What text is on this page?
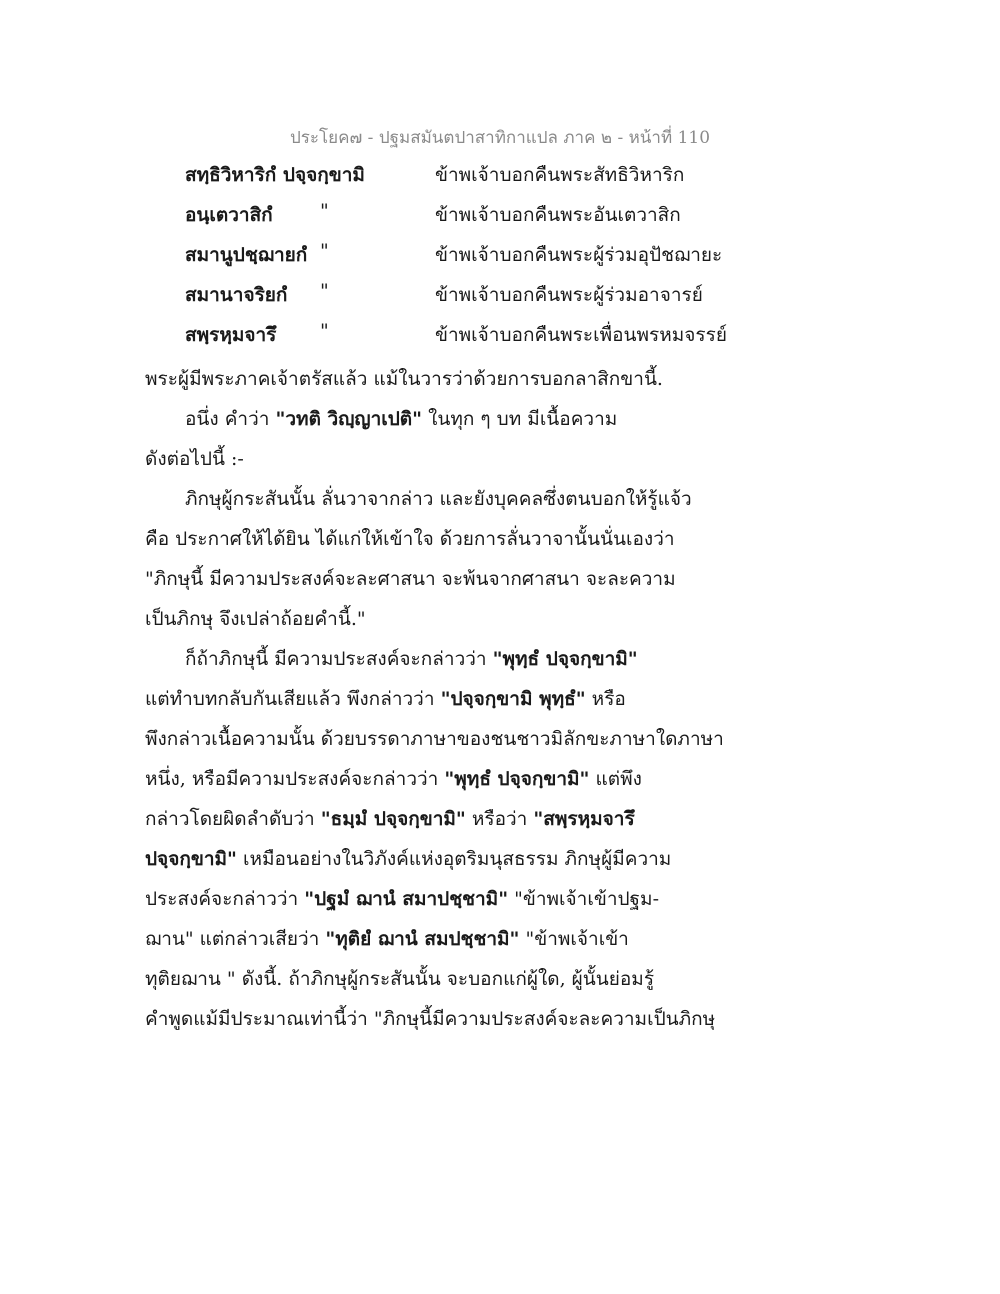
ประโยค๗ - ปฐมสมันตปาสาทิกาแปล ภาค ๒ - หน้าที่ 110
สทฺธิวิหาริกํ ปจฺจกฺขามิ	ข้าพเจ้าบอกคืนพระสัทธิวิหาริก
อนฺเตวาสิกํ "	ข้าพเจ้าบอกคืนพระอันเตวาสิก
สมานูปชฺฌายกํ "	ข้าพเจ้าบอกคืนพระผู้ร่วมอุปัชฌายะ
สมานาจริยกํ "	ข้าพเจ้าบอกคืนพระผู้ร่วมอาจารย์
สพฺรหฺมจารึ "	ข้าพเจ้าบอกคืนพระเพื่อนพรหมจรรย์
พระผู้มีพระภาคเจ้าตรัสแล้ว แม้ในวารว่าด้วยการบอกลาสิกขานี้.
อนึ่ง คำว่า "วทติ วิญฺญาเปติ" ในทุก ๆ บท มีเนื้อความ
ดังต่อไปนี้ :-
ภิกษุผู้กระสันนั้น ลั่นวาจากล่าว และยังบุคคลซึ่งตนบอกให้รู้แจ้ว
คือ ประกาศให้ได้ยิน ได้แก่ให้เข้าใจ ด้วยการลั่นวาจานั้นนั่นเองว่า
"ภิกษุนี้ มีความประสงค์จะละศาสนา จะพ้นจากศาสนา จะละความ
เป็นภิกษุ จึงเปล่าถ้อยคำนี้."
ก็ถ้าภิกษุนี้ มีความประสงค์จะกล่าวว่า "พุทฺธํ ปจฺจกฺขามิ"
แต่ทำบทกลับกันเสียแล้ว พึงกล่าวว่า "ปจฺจกฺขามิ พุทฺธํ" หรือ
พึงกล่าวเนื้อความนั้น ด้วยบรรดาภาษาของชนชาวมิลักขะภาษาใดภาษา
หนึ่ง, หรือมีความประสงค์จะกล่าวว่า "พุทฺธํ ปจฺจกฺขามิ" แต่พึง
กล่าวโดยผิดลำดับว่า "ธมฺมํ ปจฺจกฺขามิ" หรือว่า "สพฺรหฺมจารึ
ปจฺจกฺขามิ" เหมือนอย่างในวิภังค์แห่งอุตริมนุสธรรม ภิกษุผู้มีความ
ประสงค์จะกล่าวว่า "ปฐมํ ฌานํ สมาปชฺชามิ" "ข้าพเจ้าเข้าปฐม-
ฌาน" แต่กล่าวเสียว่า "ทุติยํ ฌานํ สมปชฺชามิ" "ข้าพเจ้าเข้า
ทุติยฌาน " ดังนี้. ถ้าภิกษุผู้กระสันนั้น จะบอกแก่ผู้ใด, ผู้นั้นย่อมรู้
คำพูดแม้มีประมาณเท่านี้ว่า "ภิกษุนี้มีความประสงค์จะละความเป็นภิกษุ
